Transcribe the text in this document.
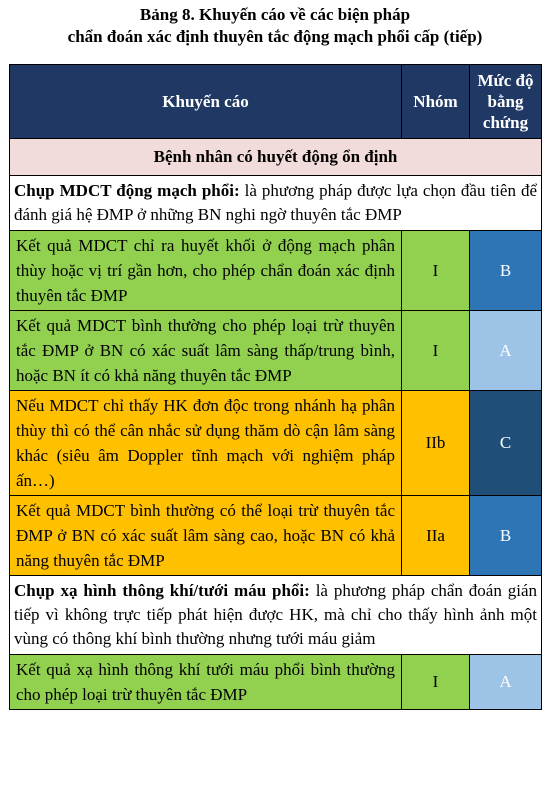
Bảng 8. Khuyến cáo về các biện pháp
chẩn đoán xác định thuyên tắc động mạch phổi cấp (tiếp)
Khuyến cáo	Nhóm	Mức độ
bằng
chứng

Bệnh nhân có huyết động ổn định		
Chụp MDCT động mạch phổi: là phương pháp được lựa chọn đầu tiên để đánh giá hệ ĐMP ở những BN nghi ngờ thuyên tắc ĐMP		
Kết quả MDCT chỉ ra huyết khối ở động mạch phân thùy hoặc vị trí gần hơn, cho phép chẩn đoán xác định thuyên tắc ĐMP	I	B
Kết quả MDCT bình thường cho phép loại trừ thuyên tắc ĐMP ở BN có xác suất lâm sàng thấp/trung bình, hoặc BN ít có khả năng thuyên tắc ĐMP	I	A
Nếu MDCT chỉ thấy HK đơn độc trong nhánh hạ phân thùy thì có thể cân nhắc sử dụng thăm dò cận lâm sàng khác (siêu âm Doppler tĩnh mạch với nghiệm pháp ấn…)	IIb	C
Kết quả MDCT bình thường có thể loại trừ thuyên tắc ĐMP ở BN có xác suất lâm sàng cao, hoặc BN có khả năng thuyên tắc ĐMP	IIa	B
Chụp xạ hình thông khí/tưới máu phổi: là phương pháp chẩn đoán gián tiếp vì không trực tiếp phát hiện được HK, mà chỉ cho thấy hình ảnh một vùng có thông khí bình thường nhưng tưới máu giảm		
Kết quả xạ hình thông khí tưới máu phổi bình thường cho phép loại trừ thuyên tắc ĐMP	I	A
